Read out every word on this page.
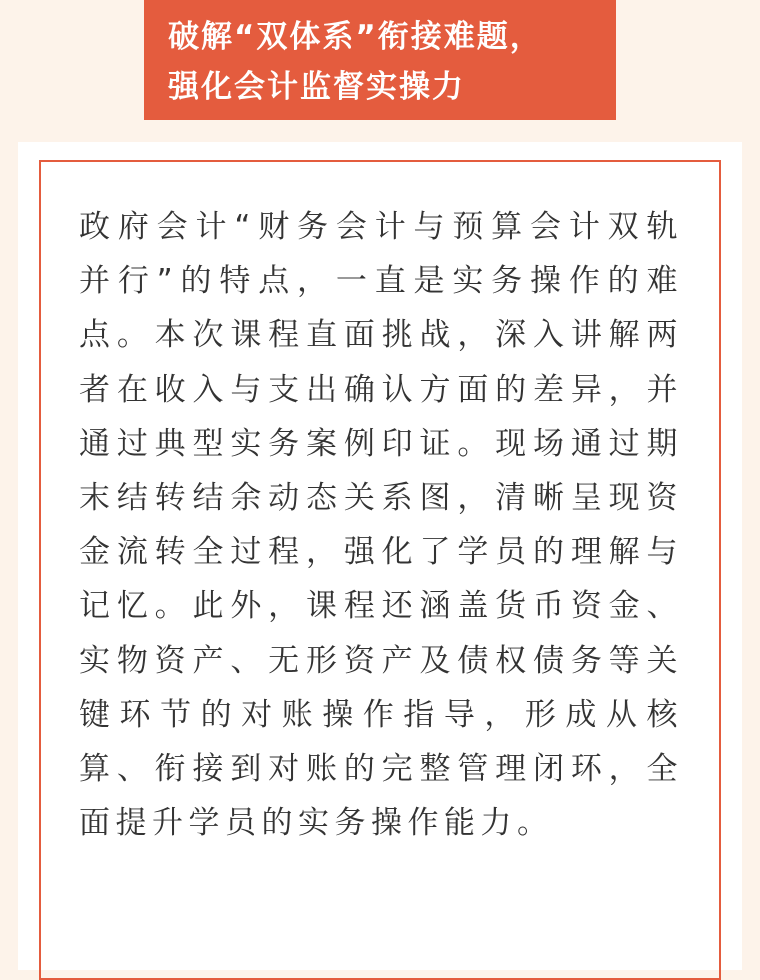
破解“双体系”衔接难题，
强化会计监督实操力

政府会计“财务会计与预算会计双轨并行”的特点，一直是实务操作的难点。本次课程直面挑战，深入讲解两者在收入与支出确认方面的差异，并通过典型实务案例印证。现场通过期末结转结余动态关系图，清晰呈现资金流转全过程，强化了学员的理解与记忆。此外，课程还涵盖货币资金、实物资产、无形资产及债权债务等关键环节的对账操作指导，形成从核算、衔接到对账的完整管理闭环，全面提升学员的实务操作能力。
